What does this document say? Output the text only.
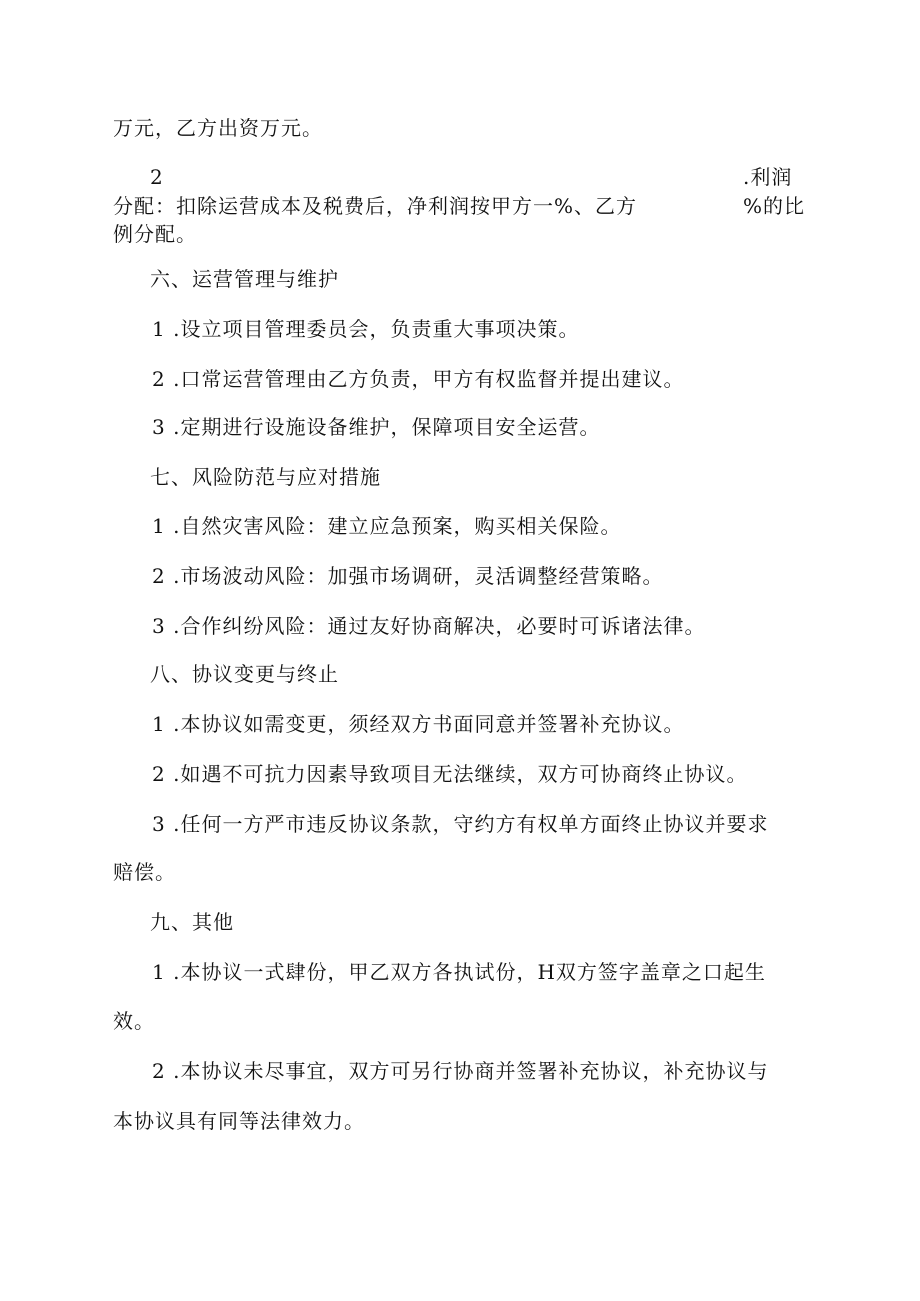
万元，乙方出资万元。
2	.利润
分配：扣除运营成本及税费后，净利润按甲方一%、乙方	%的比
例分配。
六、运营管理与维护
1 .设立项目管理委员会，负责重大事项决策。
2 .口常运营管理由乙方负责，甲方有权监督并提出建议。
3 .定期进行设施设备维护，保障项目安全运营。
七、风险防范与应对措施
1 .自然灾害风险：建立应急预案，购买相关保险。
2 .市场波动风险：加强市场调研，灵活调整经营策略。
3 .合作纠纷风险：通过友好协商解决，必要时可诉诸法律。
八、协议变更与终止
1 .本协议如需变更，须经双方书面同意并签署补充协议。
2 .如遇不可抗力因素导致项目无法继续，双方可协商终止协议。
3 .任何一方严市违反协议条款，守约方有权单方面终止协议并要求
赔偿。
九、其他
1 .本协议一式肆份，甲乙双方各执试份，H双方签字盖章之口起生
效。
2 .本协议未尽事宜，双方可另行协商并签署补充协议，补充协议与
本协议具有同等法律效力。
